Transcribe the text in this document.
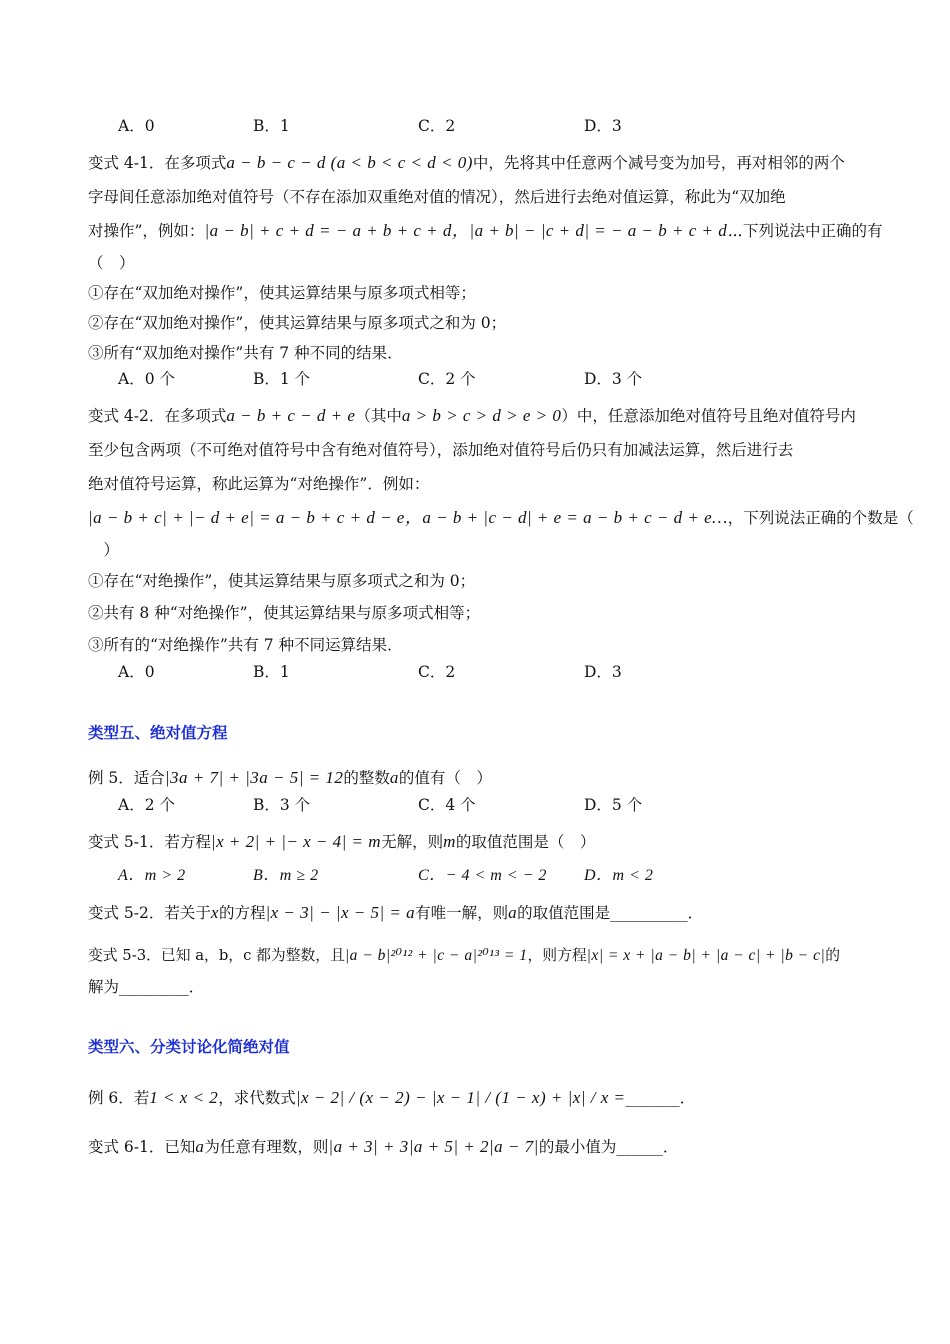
A．0	B．1	C．2	D．3

变式 4-1．在多项式a − b − c − d (a < b < c < d < 0)中，先将其中任意两个减号变为加号，再对相邻的两个

字母间任意添加绝对值符号（不存在添加双重绝对值的情况），然后进行去绝对值运算，称此为“双加绝

对操作”，例如：|a − b| + c + d = − a + b + c + d，|a + b| − |c + d| = − a − b + c + d⋯下列说法中正确的有

（　）

①存在“双加绝对操作”，使其运算结果与原多项式相等；

②存在“双加绝对操作”，使其运算结果与原多项式之和为 0；

③所有“双加绝对操作”共有 7 种不同的结果．

A．0 个	B．1 个	C．2 个	D．3 个

变式 4-2．在多项式a − b + c − d + e（其中a > b > c > d > e > 0）中，任意添加绝对值符号且绝对值符号内

至少包含两项（不可绝对值符号中含有绝对值符号），添加绝对值符号后仍只有加减法运算，然后进行去

绝对值符号运算，称此运算为“对绝操作”．例如：

|a − b + c| + |− d + e| = a − b + c + d − e，a − b + |c − d| + e = a − b + c − d + e…，下列说法正确的个数是（

　）

①存在“对绝操作”，使其运算结果与原多项式之和为 0；

②共有 8 种“对绝操作”，使其运算结果与原多项式相等；

③所有的“对绝操作”共有 7 种不同运算结果．

A．0	B．1	C．2	D．3

类型五、绝对值方程

例 5．适合|3a + 7| + |3a − 5| = 12的整数a的值有（　）

A．2 个	B．3 个	C．4 个	D．5 个

变式 5-1．若方程|x + 2| + |− x − 4| = m无解，则m的取值范围是（　）

A．m > 2	B．m ≥ 2	C．− 4 < m < − 2	D．m < 2

变式 5-2．若关于x的方程|x − 3| − |x − 5| = a有唯一解，则a的取值范围是__________．

变式 5-3．已知 a，b，c 都为整数，且|a − b|²⁰¹² + |c − a|²⁰¹³ = 1，则方程|x| = x + |a − b| + |a − c| + |b − c|的

解为_________．

类型六、分类讨论化简绝对值

例 6．若1 < x < 2，求代数式|x − 2| / (x − 2) − |x − 1| / (1 − x) + |x| / x =_______．

变式 6-1．已知a为任意有理数，则|a + 3| + 3|a + 5| + 2|a − 7|的最小值为______．
